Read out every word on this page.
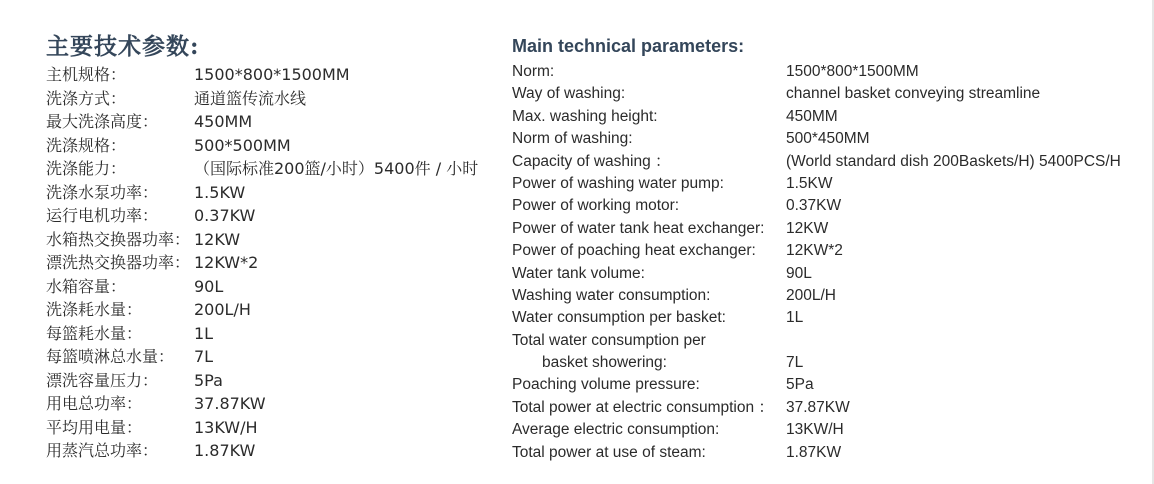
主要技术参数:
主机规格：	1500*800*1500MM
洗涤方式：	通道篮传流水线
最大洗涤高度： 450MM
洗涤规格：	500*500MM
洗涤能力：	（国际标准200篮/小时）5400件 / 小时
洗涤水泵功率： 1.5KW
运行电机功率： 0.37KW
水箱热交换器功率： 12KW
漂洗热交换器功率： 12KW*2
水箱容量：	90L
洗涤耗水量：	200L/H
每篮耗水量：	1L
每篮喷淋总水量： 7L
漂洗容量压力： 5Pa
用电总功率：	37.87KW
平均用电量：	13KW/H
用蒸汽总功率： 1.87KW
Main technical parameters:
Norm:	1500*800*1500MM
Way of washing:	channel basket conveying streamline
Max. washing height:	450MM
Norm of washing:	500*450MM
Capacity of washing ：	(World standard dish 200Baskets/H) 5400PCS/H
Power of washing water pump:	1.5KW
Power of working motor:	0.37KW
Power of water tank heat exchanger: 12KW
Power of poaching heat exchanger: 12KW*2
Water tank volume:	90L
Washing water consumption:	200L/H
Water consumption per basket:	1L
Total water consumption per
basket showering:	7L
Poaching volume pressure:	5Pa
Total power at electric consumption ： 37.87KW
Average electric consumption:	13KW/H
Total power at use of steam:	1.87KW
